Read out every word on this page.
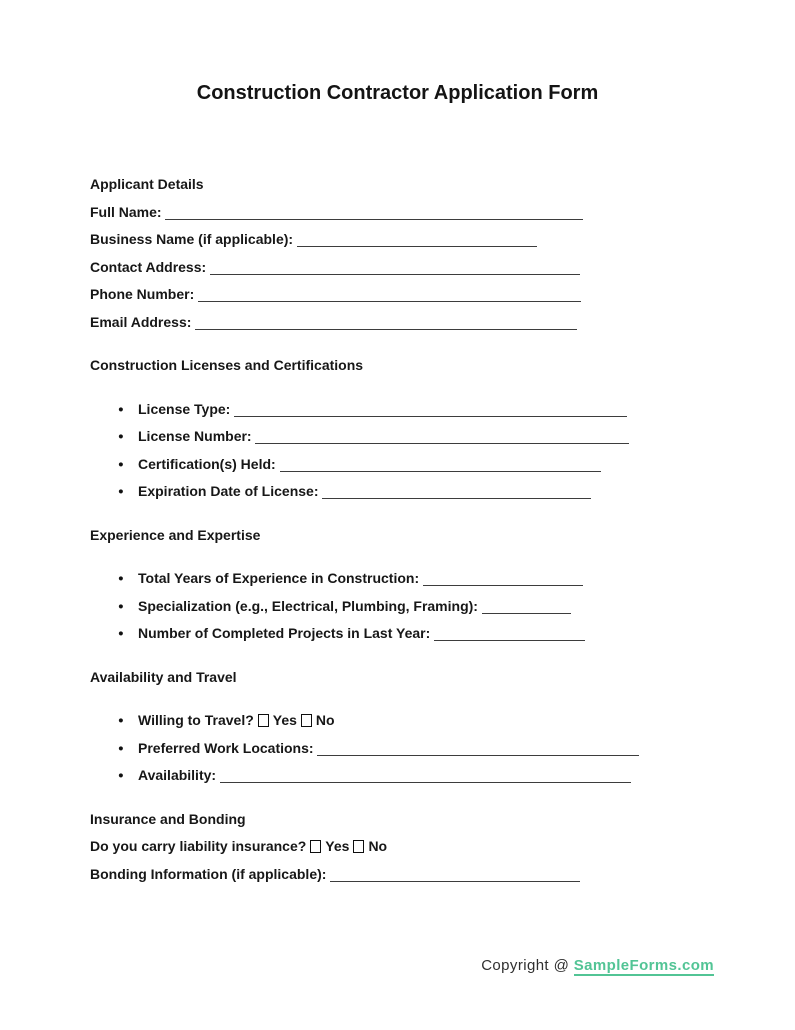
Construction Contractor Application Form
Applicant Details
Full Name:
Business Name (if applicable):
Contact Address:
Phone Number:
Email Address:
Construction Licenses and Certifications
● License Type:
● License Number:
● Certification(s) Held:
● Expiration Date of License:
Experience and Expertise
● Total Years of Experience in Construction:
● Specialization (e.g., Electrical, Plumbing, Framing):
● Number of Completed Projects in Last Year:
Availability and Travel
● Willing to Travel? Yes No
● Preferred Work Locations:
● Availability:
Insurance and Bonding
Do you carry liability insurance? Yes No
Bonding Information (if applicable):
Copyright @ SampleForms.com
